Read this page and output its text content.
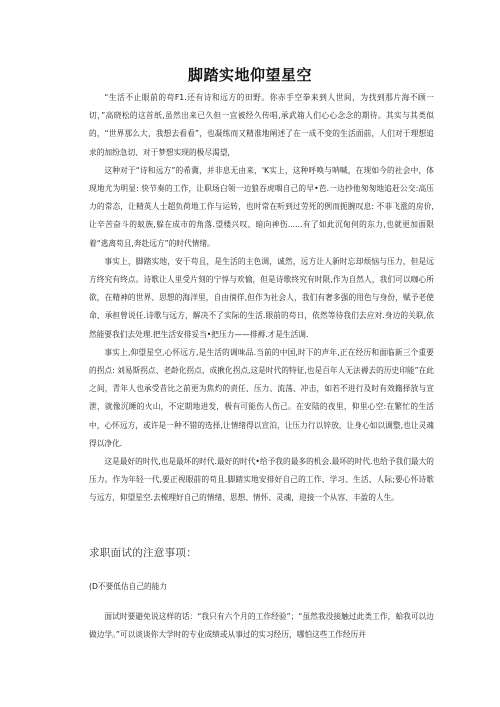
脚踏实地仰望星空

“生活不止眼前的苟F1.还有诗和远方的田野。你赤手空拳来到人世间，为找到那片海不顾一切，”高晓松的这首纸,虽然出来已久但一宜被经久传唱,承武箱人们心心念念的期待。其实与其类似的，“世界那么大，我想去看看”，也凝练而又精准地阐述了在一成不变的生活面前，人们对于理想追求的加纷急切、对于梦想实现的极尽渴望，

这种对于“诗和远方”的希冀，并非息无由来，'K实上，这种呼唤与呐喊，在现如今的社会中，体现地尤为明显: 快节奏的工作，让职场白领一边狼吞虎咽自己的早•芭.一边抄他匆匆地追赶公交:高压力的常态，让精英人士超负荷地工作与运转，也时常在听到过劳死的例而扼腕叹息: 不菲飞涨的房价,让辛苦奋斗的蚁族,躲在成市的角落.望楼兴叹、暗向神伤......有了如此沉甸何的东力,也就更加面限着“逃离苟且,奔赴远方”的时代情绪。

事实上，脚踏实地，安于苟且，是生活的主色调，诚然，远方让人新时忘却烦恼与压力，但是远方终究有终点。诗歌让人里受片刻的宁惇与欢愉，但是诗歌终究有时限,作为自然人，我们可以咖心所欲，在精神的世界、思想的海洋里，自由徜徉,但作为社会人，我们有奢多强的用色与身份，赋予老使命、承担曾说任.诗歌与远方，解决不了实际的生活.眼前的苟日，依然等待我们去应对.身边的关联,依然能要我们去处理.把生活安排妥当•把压力——排褥.才是生活调.

事实上,仰望星空,心怀远方,是生活的调味品.当前的中国,时下的声年,正在经历和面临新三个重要的拐点: 刘易斯拐点、老龄化拐点、成揪化拐点,这是时代的特征,也是百年人无法褥去的历史印能”在此之间，青年人也承受昔比之前更为焦灼的责任、压力、流荡、冲击，如若不进行及时有效籍择放与宣泄，就像沉睡的火山，不定期地进发，极有可能伤人伤己。在安陆的夜里，仰里心空:在繁忙的生活中，心怀远方，或许是一种不错的选择,让情绪得以宣泊，让压力行以锌放，让身心如以调整,也让灵魂得以净化.

这是最好的时代,也是最坏的时代.最好的时代•给予我的最多的机会.最坏的时代.也给予我们最大的压力。作为年轻一代,要正视眼前的苟且.脚踏实地安排好自己的工作、学习、生活、人际;要心怀诗歌与远方，仰望星空.去梳理好自己的情绪、思想、情怀、灵魂，迎接一个从容、丰盈的人生。

求职面试的注意事项：

(D不要低估自己的能力

面试时要避免说这样的话：“我只有六个月的工作经验”；“虽然我没接触过此类工作，蛤我可以边做边学。”可以谈谈你大学时的专业成绩或从事过的实习经历，哪怕这些工作经历并
